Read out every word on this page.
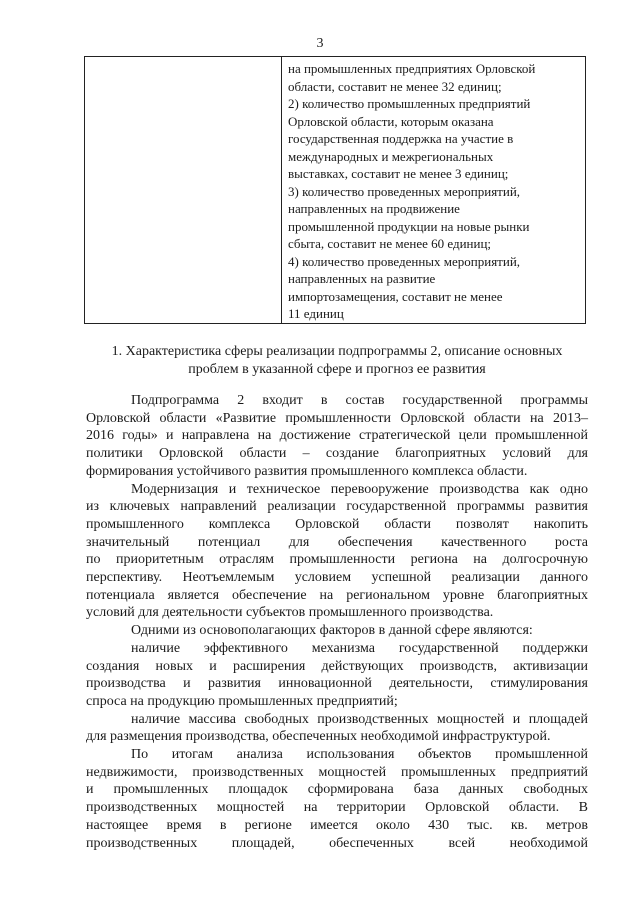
3
на промышленных предприятиях Орловской
области, составит не менее 32 единиц;
2) количество промышленных предприятий
Орловской области, которым оказана
государственная поддержка на участие в
международных и межрегиональных
выставках, составит не менее 3 единиц;
3) количество проведенных мероприятий,
направленных на продвижение
промышленной продукции на новые рынки
сбыта, составит не менее 60 единиц;
4) количество проведенных мероприятий,
направленных на развитие
импортозамещения, составит не менее
11 единиц
1. Характеристика сферы реализации подпрограммы 2, описание основных
проблем в указанной сфере и прогноз ее развития
Подпрограмма 2 входит в состав государственной программы
Орловской области «Развитие промышленности Орловской области на 2013–
2016 годы» и направлена на достижение стратегической цели промышленной
политики Орловской области – создание благоприятных условий для
формирования устойчивого развития промышленного комплекса области.
Модернизация и техническое перевооружение производства как одно
из ключевых направлений реализации государственной программы развития
промышленного комплекса Орловской области позволят накопить
значительный потенциал для обеспечения качественного роста
по приоритетным отраслям промышленности региона на долгосрочную
перспективу. Неотъемлемым условием успешной реализации данного
потенциала является обеспечение на региональном уровне благоприятных
условий для деятельности субъектов промышленного производства.
Одними из основополагающих факторов в данной сфере являются:
наличие эффективного механизма государственной поддержки
создания новых и расширения действующих производств, активизации
производства и развития инновационной деятельности, стимулирования
спроса на продукцию промышленных предприятий;
наличие массива свободных производственных мощностей и площадей
для размещения производства, обеспеченных необходимой инфраструктурой.
По итогам анализа использования объектов промышленной
недвижимости, производственных мощностей промышленных предприятий
и промышленных площадок сформирована база данных свободных
производственных мощностей на территории Орловской области. В
настоящее время в регионе имеется около 430 тыс. кв. метров
производственных площадей, обеспеченных всей необходимой
